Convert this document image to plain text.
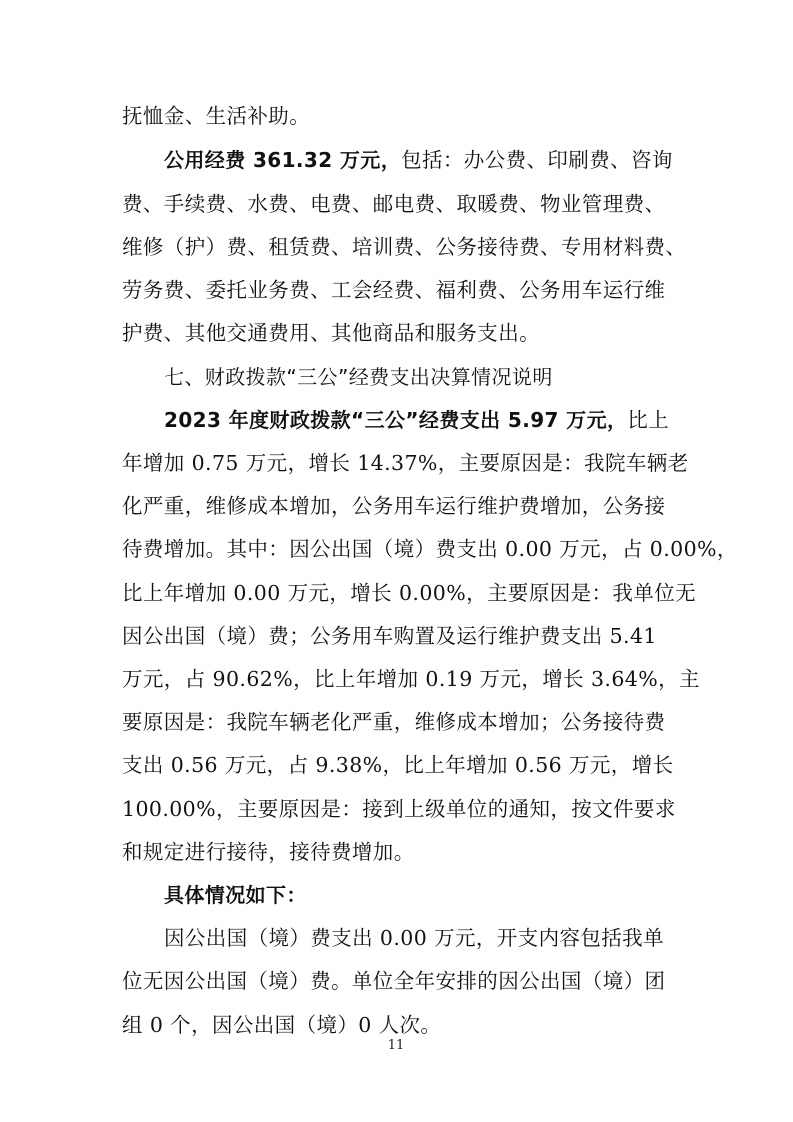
抚恤金、生活补助。
公用经费 361.32 万元，包括：办公费、印刷费、咨询
费、手续费、水费、电费、邮电费、取暖费、物业管理费、
维修（护）费、租赁费、培训费、公务接待费、专用材料费、
劳务费、委托业务费、工会经费、福利费、公务用车运行维
护费、其他交通费用、其他商品和服务支出。
七、财政拨款“三公”经费支出决算情况说明
2023 年度财政拨款“三公”经费支出 5.97 万元，比上
年增加 0.75 万元，增长 14.37%，主要原因是：我院车辆老
化严重，维修成本增加，公务用车运行维护费增加，公务接
待费增加。其中：因公出国（境）费支出 0.00 万元，占 0.00%，
比上年增加 0.00 万元，增长 0.00%，主要原因是：我单位无
因公出国（境）费；公务用车购置及运行维护费支出 5.41
万元，占 90.62%，比上年增加 0.19 万元，增长 3.64%，主
要原因是：我院车辆老化严重，维修成本增加；公务接待费
支出 0.56 万元，占 9.38%，比上年增加 0.56 万元，增长
100.00%，主要原因是：接到上级单位的通知，按文件要求
和规定进行接待，接待费增加。
具体情况如下：
因公出国（境）费支出 0.00 万元，开支内容包括我单
位无因公出国（境）费。单位全年安排的因公出国（境）团
组 0 个，因公出国（境）0 人次。
11
